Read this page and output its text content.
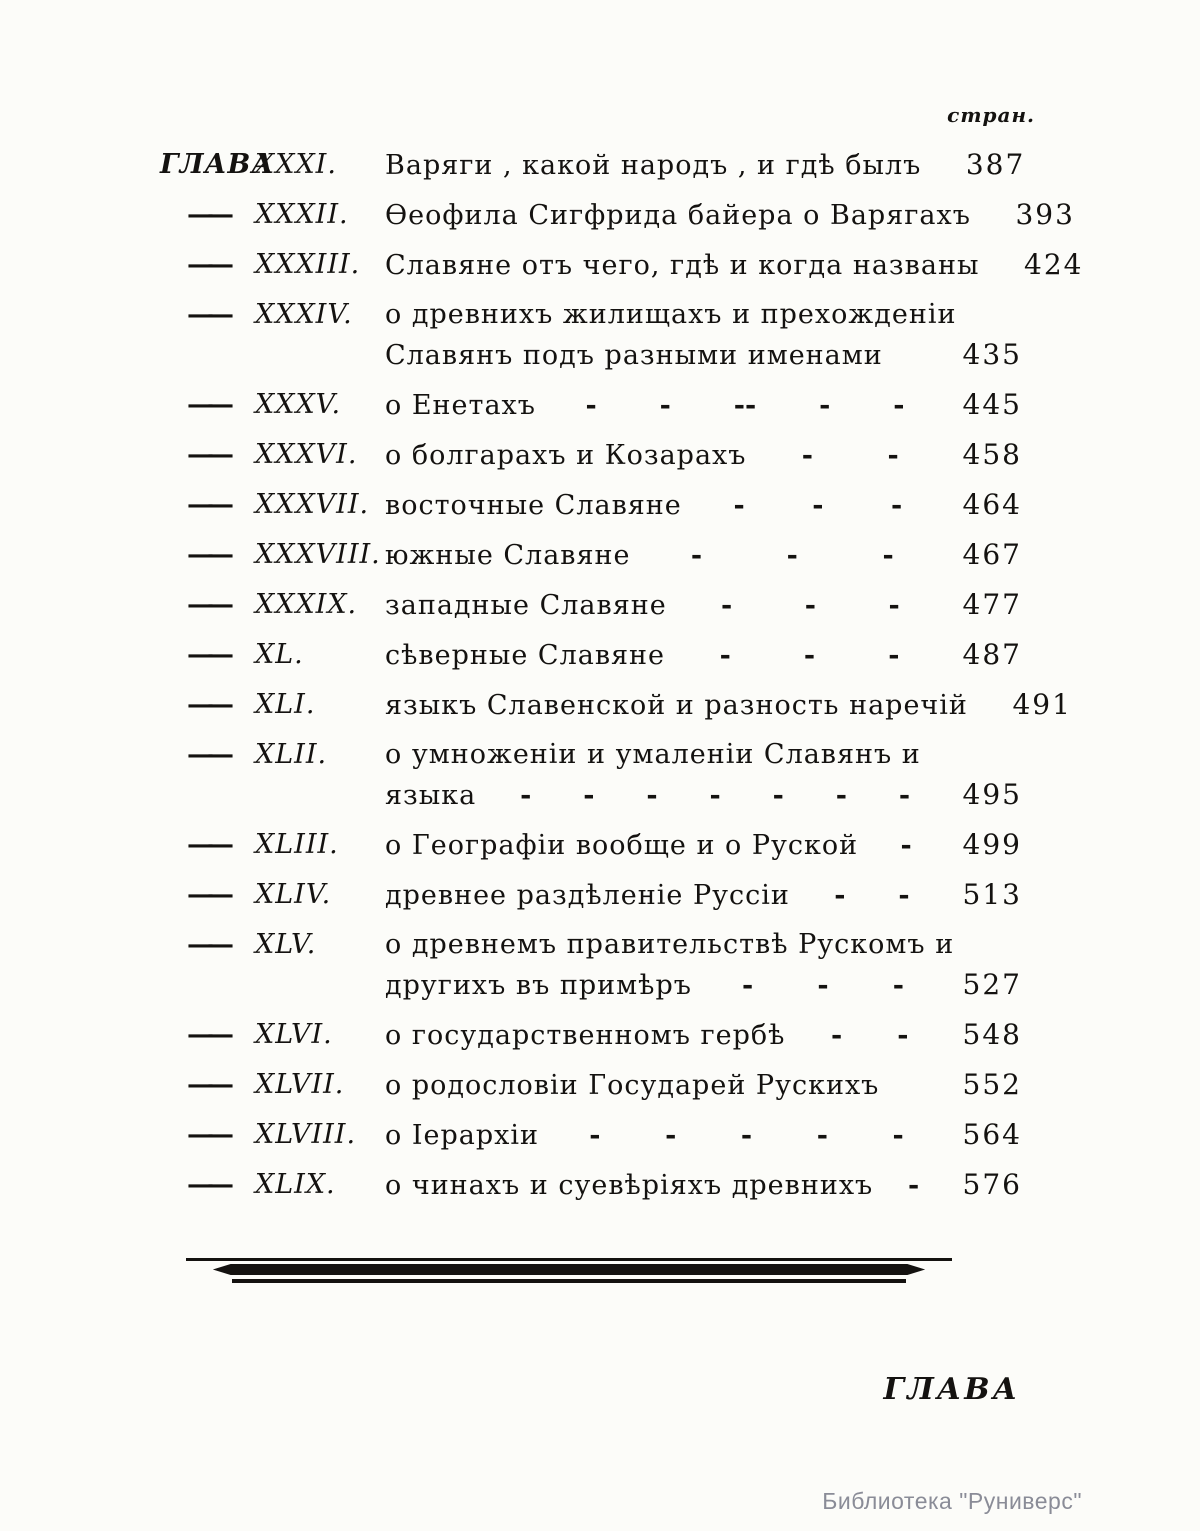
стран.
ГЛАВА
XXXI.	Варяги , какой народъ , и гдѣ былъ	387
——	XXXII.	Ѳеофила Сигфрида байера о Варягахъ	393
——	XXXIII. Славяне отъ чего, гдѣ и когда названы	424
——	XXXIV.	о древнихъ жилищахъ и прехожденіи
Славянъ подъ разными именами	435
——	XXXV.	о Енетахъ - - -- - -	445
——	XXXVI.	о болгарахъ и Козарахъ -	-	458
——	XXXVII. восточные Славяне -	-	-	464
——	XXXVIII. южные Славяне -	-	-	467
——	XXXIX.	западные Славяне -	-	-	477
——	XL.	сѣверные Славяне -	-	-	487
——	XLI.	языкъ Славенской и разность наречій	491
——	XLII.	о умноженіи и умаленіи Славянъ и
языка - - - - - - -	495
——	XLIII.	о Географіи вообще и о Руской -	499
——	XLIV.	древнее раздѣленіе Руссіи - -	513
——	XLV.	о древнемъ правительствѣ Рускомъ и
другихъ въ примѣръ - - -	527
——	XLVI.	о государственномъ гербѣ - -	548
——	XLVII.	о родословіи Государей Рускихъ	552
——	XLVIII.	о Іерархіи - - - - -	564
——	XLIX.	о чинахъ и суевѣріяхъ древнихъ -	576
ГЛАВА
Библиотека "Руниверс"
